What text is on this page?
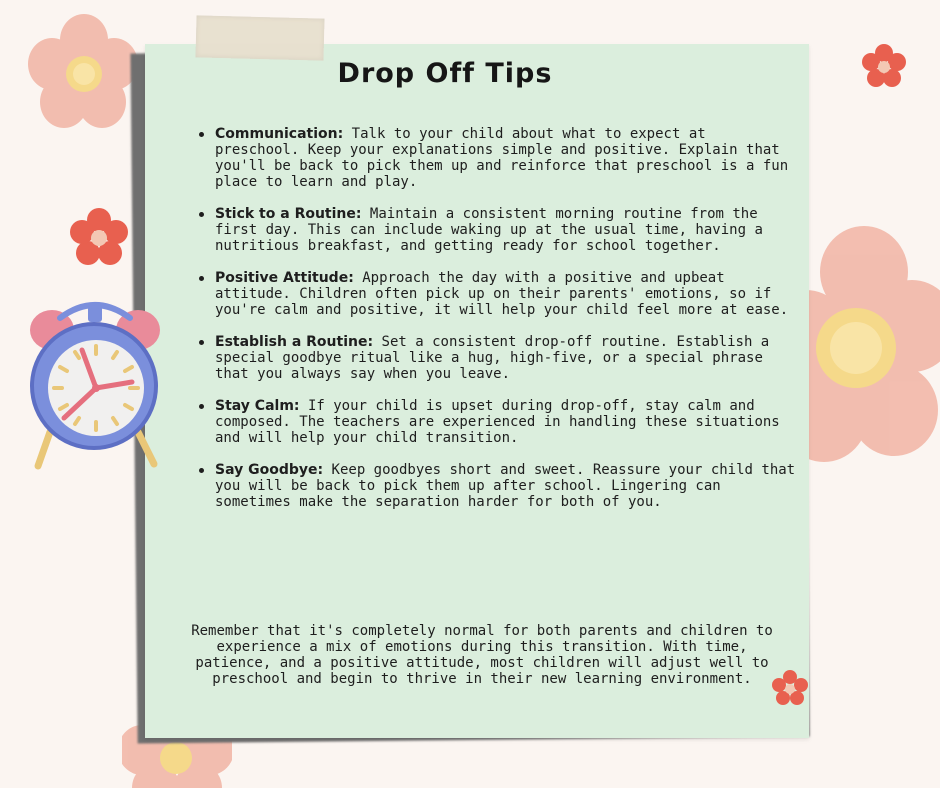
Drop Off Tips
Communication: Talk to your child about what to expect at preschool. Keep your explanations simple and positive. Explain that you'll be back to pick them up and reinforce that preschool is a fun place to learn and play.
Stick to a Routine: Maintain a consistent morning routine from the first day. This can include waking up at the usual time, having a nutritious breakfast, and getting ready for school together.
Positive Attitude: Approach the day with a positive and upbeat attitude. Children often pick up on their parents' emotions, so if you're calm and positive, it will help your child feel more at ease.
Establish a Routine: Set a consistent drop-off routine. Establish a special goodbye ritual like a hug, high-five, or a special phrase that you always say when you leave.
Stay Calm: If your child is upset during drop-off, stay calm and composed. The teachers are experienced in handling these situations and will help your child transition.
Say Goodbye: Keep goodbyes short and sweet. Reassure your child that you will be back to pick them up after school. Lingering can sometimes make the separation harder for both of you.
Remember that it's completely normal for both parents and children to experience a mix of emotions during this transition. With time, patience, and a positive attitude, most children will adjust well to preschool and begin to thrive in their new learning environment.
